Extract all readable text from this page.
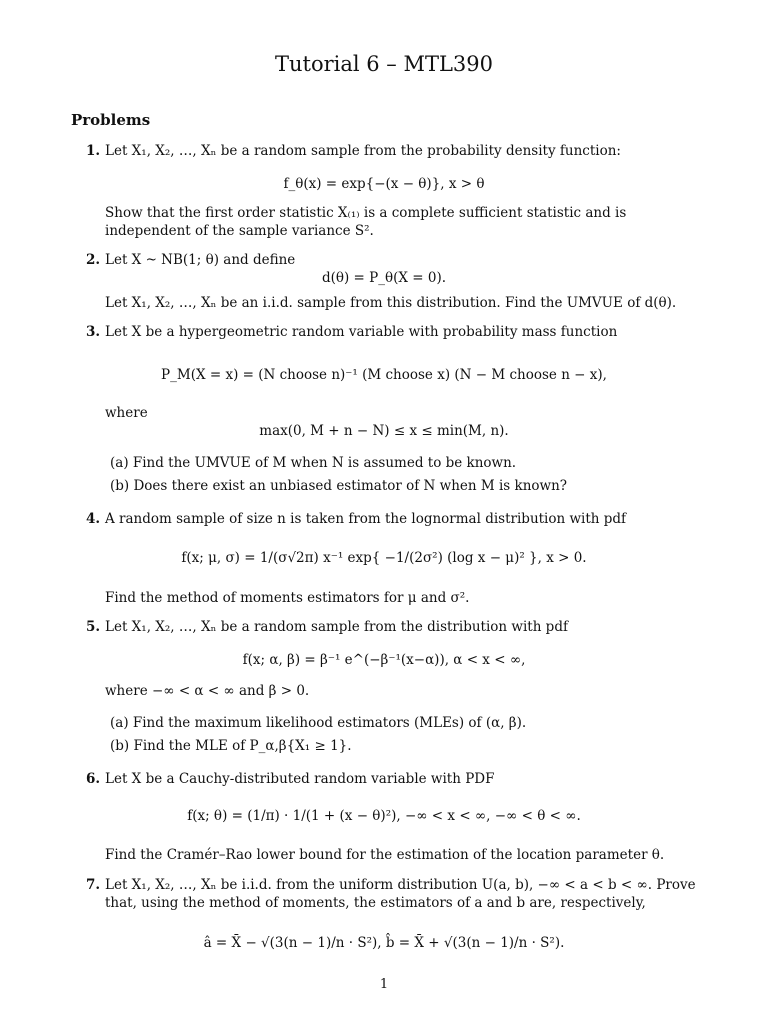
Tutorial 6 – MTL390
Problems
1. Let X₁, X₂, …, Xₙ be a random sample from the probability density function:
f_θ(x) = exp{−(x − θ)}, x > θ
Show that the first order statistic X₍₁₎ is a complete sufficient statistic and is independent of the sample variance S².
2. Let X ~ NB(1; θ) and define
d(θ) = P_θ(X = 0).
Let X₁, X₂, …, Xₙ be an i.i.d. sample from this distribution. Find the UMVUE of d(θ).
3. Let X be a hypergeometric random variable with probability mass function
P_M(X = x) = (N choose n)⁻¹ (M choose x) (N − M choose n − x),
where
max(0, M + n − N) ≤ x ≤ min(M, n).
(a) Find the UMVUE of M when N is assumed to be known.
(b) Does there exist an unbiased estimator of N when M is known?
4. A random sample of size n is taken from the lognormal distribution with pdf
f(x; μ, σ) = 1/(σ√2π) x⁻¹ exp{ −1/(2σ²) (log x − μ)² }, x > 0.
Find the method of moments estimators for μ and σ².
5. Let X₁, X₂, …, Xₙ be a random sample from the distribution with pdf
f(x; α, β) = β⁻¹ e^(−β⁻¹(x−α)), α < x < ∞,
where −∞ < α < ∞ and β > 0.
(a) Find the maximum likelihood estimators (MLEs) of (α, β).
(b) Find the MLE of P_α,β{X₁ ≥ 1}.
6. Let X be a Cauchy-distributed random variable with PDF
f(x; θ) = (1/π) · 1/(1 + (x − θ)²), −∞ < x < ∞, −∞ < θ < ∞.
Find the Cramér–Rao lower bound for the estimation of the location parameter θ.
7. Let X₁, X₂, …, Xₙ be i.i.d. from the uniform distribution U(a, b), −∞ < a < b < ∞. Prove that, using the method of moments, the estimators of a and b are, respectively,
â = X̄ − √(3(n − 1)/n · S²), b̂ = X̄ + √(3(n − 1)/n · S²).
1
